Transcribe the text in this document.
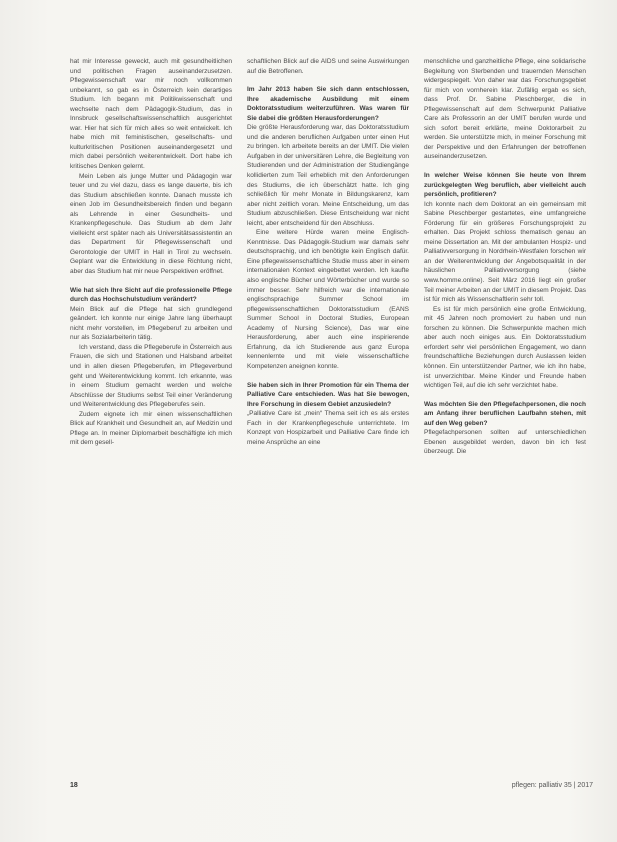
hat mir Interesse geweckt, auch mit gesundheitlichen und politischen Fragen auseinanderzusetzen. Pflegewissenschaft war mir noch vollkommen unbekannt, so gab es in Österreich kein derartiges Studium. Ich begann mit Politikwissenschaft und wechselte nach dem Pädagogik-Studium, das in Innsbruck gesellschaftswissenschaftlich ausgerichtet war. Hier hat sich für mich alles so weit entwickelt. Ich habe mich mit feministischen, gesellschafts- und kulturkritischen Positionen auseinandergesetzt und mich dabei persönlich weiterentwickelt. Dort habe ich kritisches Denken gelernt.

Mein Leben als junge Mutter und Pädagogin war teuer und zu viel dazu, dass es lange dauerte, bis ich das Studium abschließen konnte. Danach musste ich einen Job im Gesundheitsbereich finden und begann als Lehrende in einer Gesundheits- und Krankenpflegeschule. Das Studium ab dem Jahr vielleicht erst später nach als Universitätsassistentin an das Department für Pflegewissenschaft und Gerontologie der UMIT in Hall in Tirol zu wechseln. Geplant war die Entwicklung in diese Richtung nicht, aber das Studium hat mir neue Perspektiven eröffnet.

Wie hat sich Ihre Sicht auf die professionelle Pflege durch das Hochschulstudium verändert?

Mein Blick auf die Pflege hat sich grundlegend geändert. Ich konnte nur einige Jahre lang überhaupt nicht mehr vorstellen, im Pflegeberuf zu arbeiten und nur als Sozialarbeiterin tätig.

Ich verstand, dass die Pflegeberufe in Österreich aus Frauen, die sich und Stationen und Halsband arbeitet und in allen diesen Pflegeberufen, im Pflegeverbund geht und Weiterentwicklung kommt. Ich erkannte, was in einem Studium gemacht werden und welche Abschlüsse der Studiums selbst Teil einer Veränderung und Weiterentwicklung des Pflegeberufes sein.

Zudem eignete ich mir einen wissenschaftlichen Blick auf Krankheit und Gesundheit an, auf Medizin und Pflege an. In meiner Diplomarbeit beschäftigte ich mich mit dem gesell-

schaftlichen Blick auf die AIDS und seine Auswirkungen auf die Betroffenen.

Im Jahr 2013 haben Sie sich dann entschlossen, Ihre akademische Ausbildung mit einem Doktoratsstudium weiterzuführen. Was waren für Sie dabei die größten Herausforderungen?

Die größte Herausforderung war, das Doktoratsstudium und die anderen beruflichen Aufgaben unter einen Hut zu bringen. Ich arbeitete bereits an der UMIT. Die vielen Aufgaben in der universitären Lehre, die Begleitung von Studierenden und der Administration der Studiengänge kollidierten zum Teil erheblich mit den Anforderungen des Studiums, die ich überschätzt hatte. Ich ging schließlich für mehr Monate in Bildungskarenz, kam aber nicht zeitlich voran. Meine Entscheidung, um das Studium abzuschließen. Diese Entscheidung war nicht leicht, aber entscheidend für den Abschluss.

Eine weitere Hürde waren meine Englisch-Kenntnisse. Das Pädagogik-Studium war damals sehr deutschsprachig, und ich benötigte kein Englisch dafür. Eine pflegewissenschaftliche Studie muss aber in einem internationalen Kontext eingebettet werden. Ich kaufte also englische Bücher und Wörterbücher und wurde so immer besser. Sehr hilfreich war die internationale englischsprachige Summer School im pflegewissenschaftlichen Doktoratsstudium (EANS Summer School in Doctoral Studies, European Academy of Nursing Science), Das war eine Herausforderung, aber auch eine inspirierende Erfahrung, da ich Studierende aus ganz Europa kennenlernte und mit viele wissenschaftliche Kompetenzen aneignen konnte.

Sie haben sich in Ihrer Promotion für ein Thema der Palliative Care entschieden. Was hat Sie bewogen, Ihre Forschung in diesem Gebiet anzusiedeln?

„Palliative Care ist „mein“ Thema seit ich es als erstes Fach in der Krankenpflegeschule unterrichtete. Im Konzept von Hospizarbeit und Palliative Care finde ich meine Ansprüche an eine

menschliche und ganzheitliche Pflege, eine solidarische Begleitung von Sterbenden und trauernden Menschen widergespiegelt. Von daher war das Forschungsgebiet für mich von vornherein klar. Zufällig ergab es sich, dass Prof. Dr. Sabine Pleschberger, die in Pflegewissenschaft auf dem Schwerpunkt Palliative Care als Professorin an der UMIT berufen wurde und sich sofort bereit erklärte, meine Doktorarbeit zu werden. Sie unterstützte mich, in meiner Forschung mit der Perspektive und den Erfahrungen der betroffenen auseinanderzusetzen.

In welcher Weise können Sie heute von Ihrem zurückgelegten Weg beruflich, aber vielleicht auch persönlich, profitieren?

Ich konnte nach dem Doktorat an ein gemeinsam mit Sabine Pleschberger gestartetes, eine umfangreiche Förderung für ein größeres Forschungsprojekt zu erhalten. Das Projekt schloss thematisch genau an meine Dissertation an. Mit der ambulanten Hospiz- und Palliativversorgung in Nordrhein-Westfalen forschen wir an der Weiterentwicklung der Angebotsqualität in der häuslichen Palliativversorgung (siehe www.homme.online). Seit März 2016 liegt ein großer Teil meiner Arbeiten an der UMIT in diesem Projekt. Das ist für mich als Wissenschaftlerin sehr toll.

Es ist für mich persönlich eine große Entwicklung, mit 45 Jahren noch promoviert zu haben und nun forschen zu können. Die Schwerpunkte machen mich aber auch noch einiges aus. Ein Doktoratsstudium erfordert sehr viel persönlichen Engagement, wo dann freundschaftliche Beziehungen durch Auslassen leiden können. Ein unterstützender Partner, wie ich ihn habe, ist unverzichtbar. Meine Kinder und Freunde haben wichtigen Teil, auf die ich sehr verzichtet habe.

Was möchten Sie den Pflegefachpersonen, die noch am Anfang ihrer beruflichen Laufbahn stehen, mit auf den Weg geben?

Pflegefachpersonen sollten auf unterschiedlichen Ebenen ausgebildet werden, davon bin ich fest überzeugt. Die

18	pflegen: palliativ 35 | 2017
